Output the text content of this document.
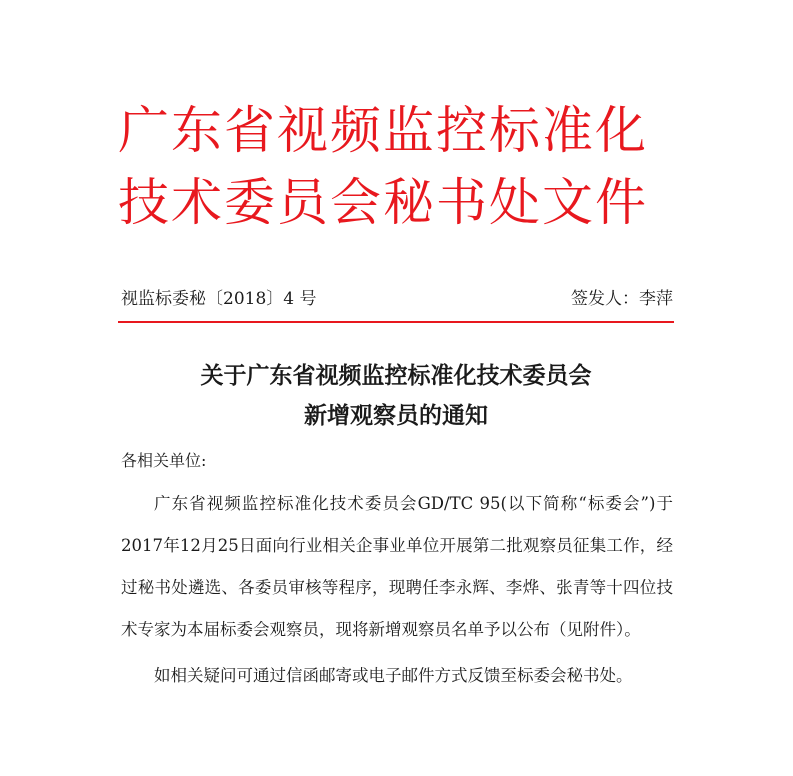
广东省视频监控标准化
技术委员会秘书处文件
视监标委秘〔2018〕4 号	签发人：李萍
关于广东省视频监控标准化技术委员会
新增观察员的通知
各相关单位:

广东省视频监控标准化技术委员会GD/TC 95(以下简称“标委会”)于 2017年12月25日面向行业相关企事业单位开展第二批观察员征集工作，经过秘书处遴选、各委员审核等程序，现聘任李永辉、李烨、张青等十四位技术专家为本届标委会观察员，现将新增观察员名单予以公布（见附件）。

如相关疑问可通过信函邮寄或电子邮件方式反馈至标委会秘书处。
